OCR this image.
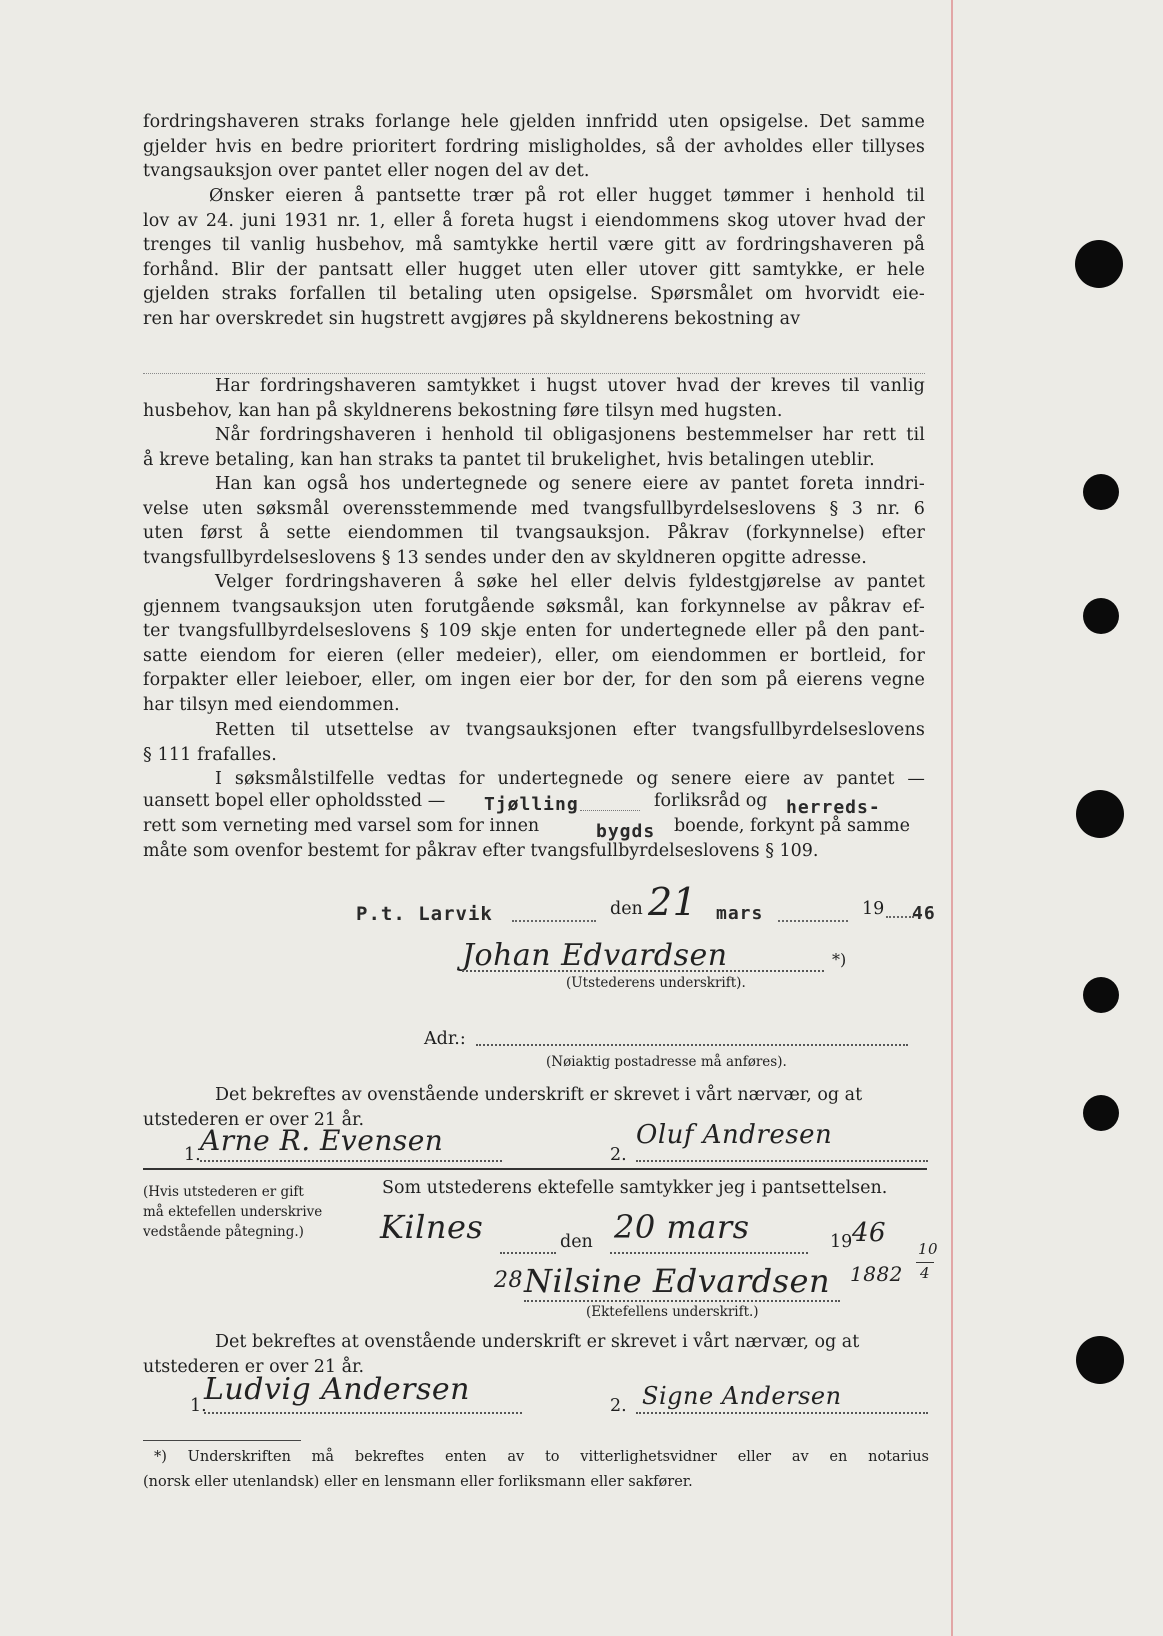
fordringshaveren straks forlange hele gjelden innfridd uten opsigelse. Det samme
gjelder hvis en bedre prioritert fordring misligholdes, så der avholdes eller tillyses
tvangsauksjon over pantet eller nogen del av det.
Ønsker eieren å pantsette trær på rot eller hugget tømmer i henhold til
lov av 24. juni 1931 nr. 1, eller å foreta hugst i eiendommens skog utover hvad der
trenges til vanlig husbehov, må samtykke hertil være gitt av fordringshaveren på
forhånd. Blir der pantsatt eller hugget uten eller utover gitt samtykke, er hele
gjelden straks forfallen til betaling uten opsigelse. Spørsmålet om hvorvidt eie-
ren har overskredet sin hugstrett avgjøres på skyldnerens bekostning av
Har fordringshaveren samtykket i hugst utover hvad der kreves til vanlig
husbehov, kan han på skyldnerens bekostning føre tilsyn med hugsten.
Når fordringshaveren i henhold til obligasjonens bestemmelser har rett til
å kreve betaling, kan han straks ta pantet til brukelighet, hvis betalingen uteblir.
Han kan også hos undertegnede og senere eiere av pantet foreta inndri-
velse uten søksmål overensstemmende med tvangsfullbyrdelseslovens § 3 nr. 6
uten først å sette eiendommen til tvangsauksjon. Påkrav (forkynnelse) efter
tvangsfullbyrdelseslovens § 13 sendes under den av skyldneren opgitte adresse.
Velger fordringshaveren å søke hel eller delvis fyldestgjørelse av pantet
gjennem tvangsauksjon uten forutgående søksmål, kan forkynnelse av påkrav ef-
ter tvangsfullbyrdelseslovens § 109 skje enten for undertegnede eller på den pant-
satte eiendom for eieren (eller medeier), eller, om eiendommen er bortleid, for
forpakter eller leieboer, eller, om ingen eier bor der, for den som på eierens vegne
har tilsyn med eiendommen.
Retten til utsettelse av tvangsauksjonen efter tvangsfullbyrdelseslovens
§ 111 frafalles.
I søksmålstilfelle vedtas for undertegnede og senere eiere av pantet —
uansett bopel eller opholdssted — Tjølling	forliksråd og herreds-
rett som verneting med varsel som for innen	bygds boende, forkynt på samme
måte som ovenfor bestemt for påkrav efter tvangsfullbyrdelseslovens § 109.
P.t. Larvik	den 21 mars	19 46
Johan Edvardsen	*)
(Utstederens underskrift).
Adr.:
(Nøiaktig postadresse må anføres).
Det bekreftes av ovenstående underskrift er skrevet i vårt nærvær, og at
utstederen er over 21 år.
1. Arne R. Evensen	2.
Oluf Andresen
(Hvis utstederen er gift
må ektefellen underskrive
vedstående påtegning.)
Som utstederens ektefelle samtykker jeg i pantsettelsen.
Kilnes	den 20 mars	19 46
28 Nilsine Edvardsen 1882
10
4
(Ektefellens underskrift.)
Det bekreftes at ovenstående underskrift er skrevet i vårt nærvær, og at
utstederen er over 21 år.
1.
Ludvig Andersen	2. Signe Andersen
*) Underskriften må bekreftes enten av to vitterlighetsvidner eller av en notarius
(norsk eller utenlandsk) eller en lensmann eller forliksmann eller sakfører.
